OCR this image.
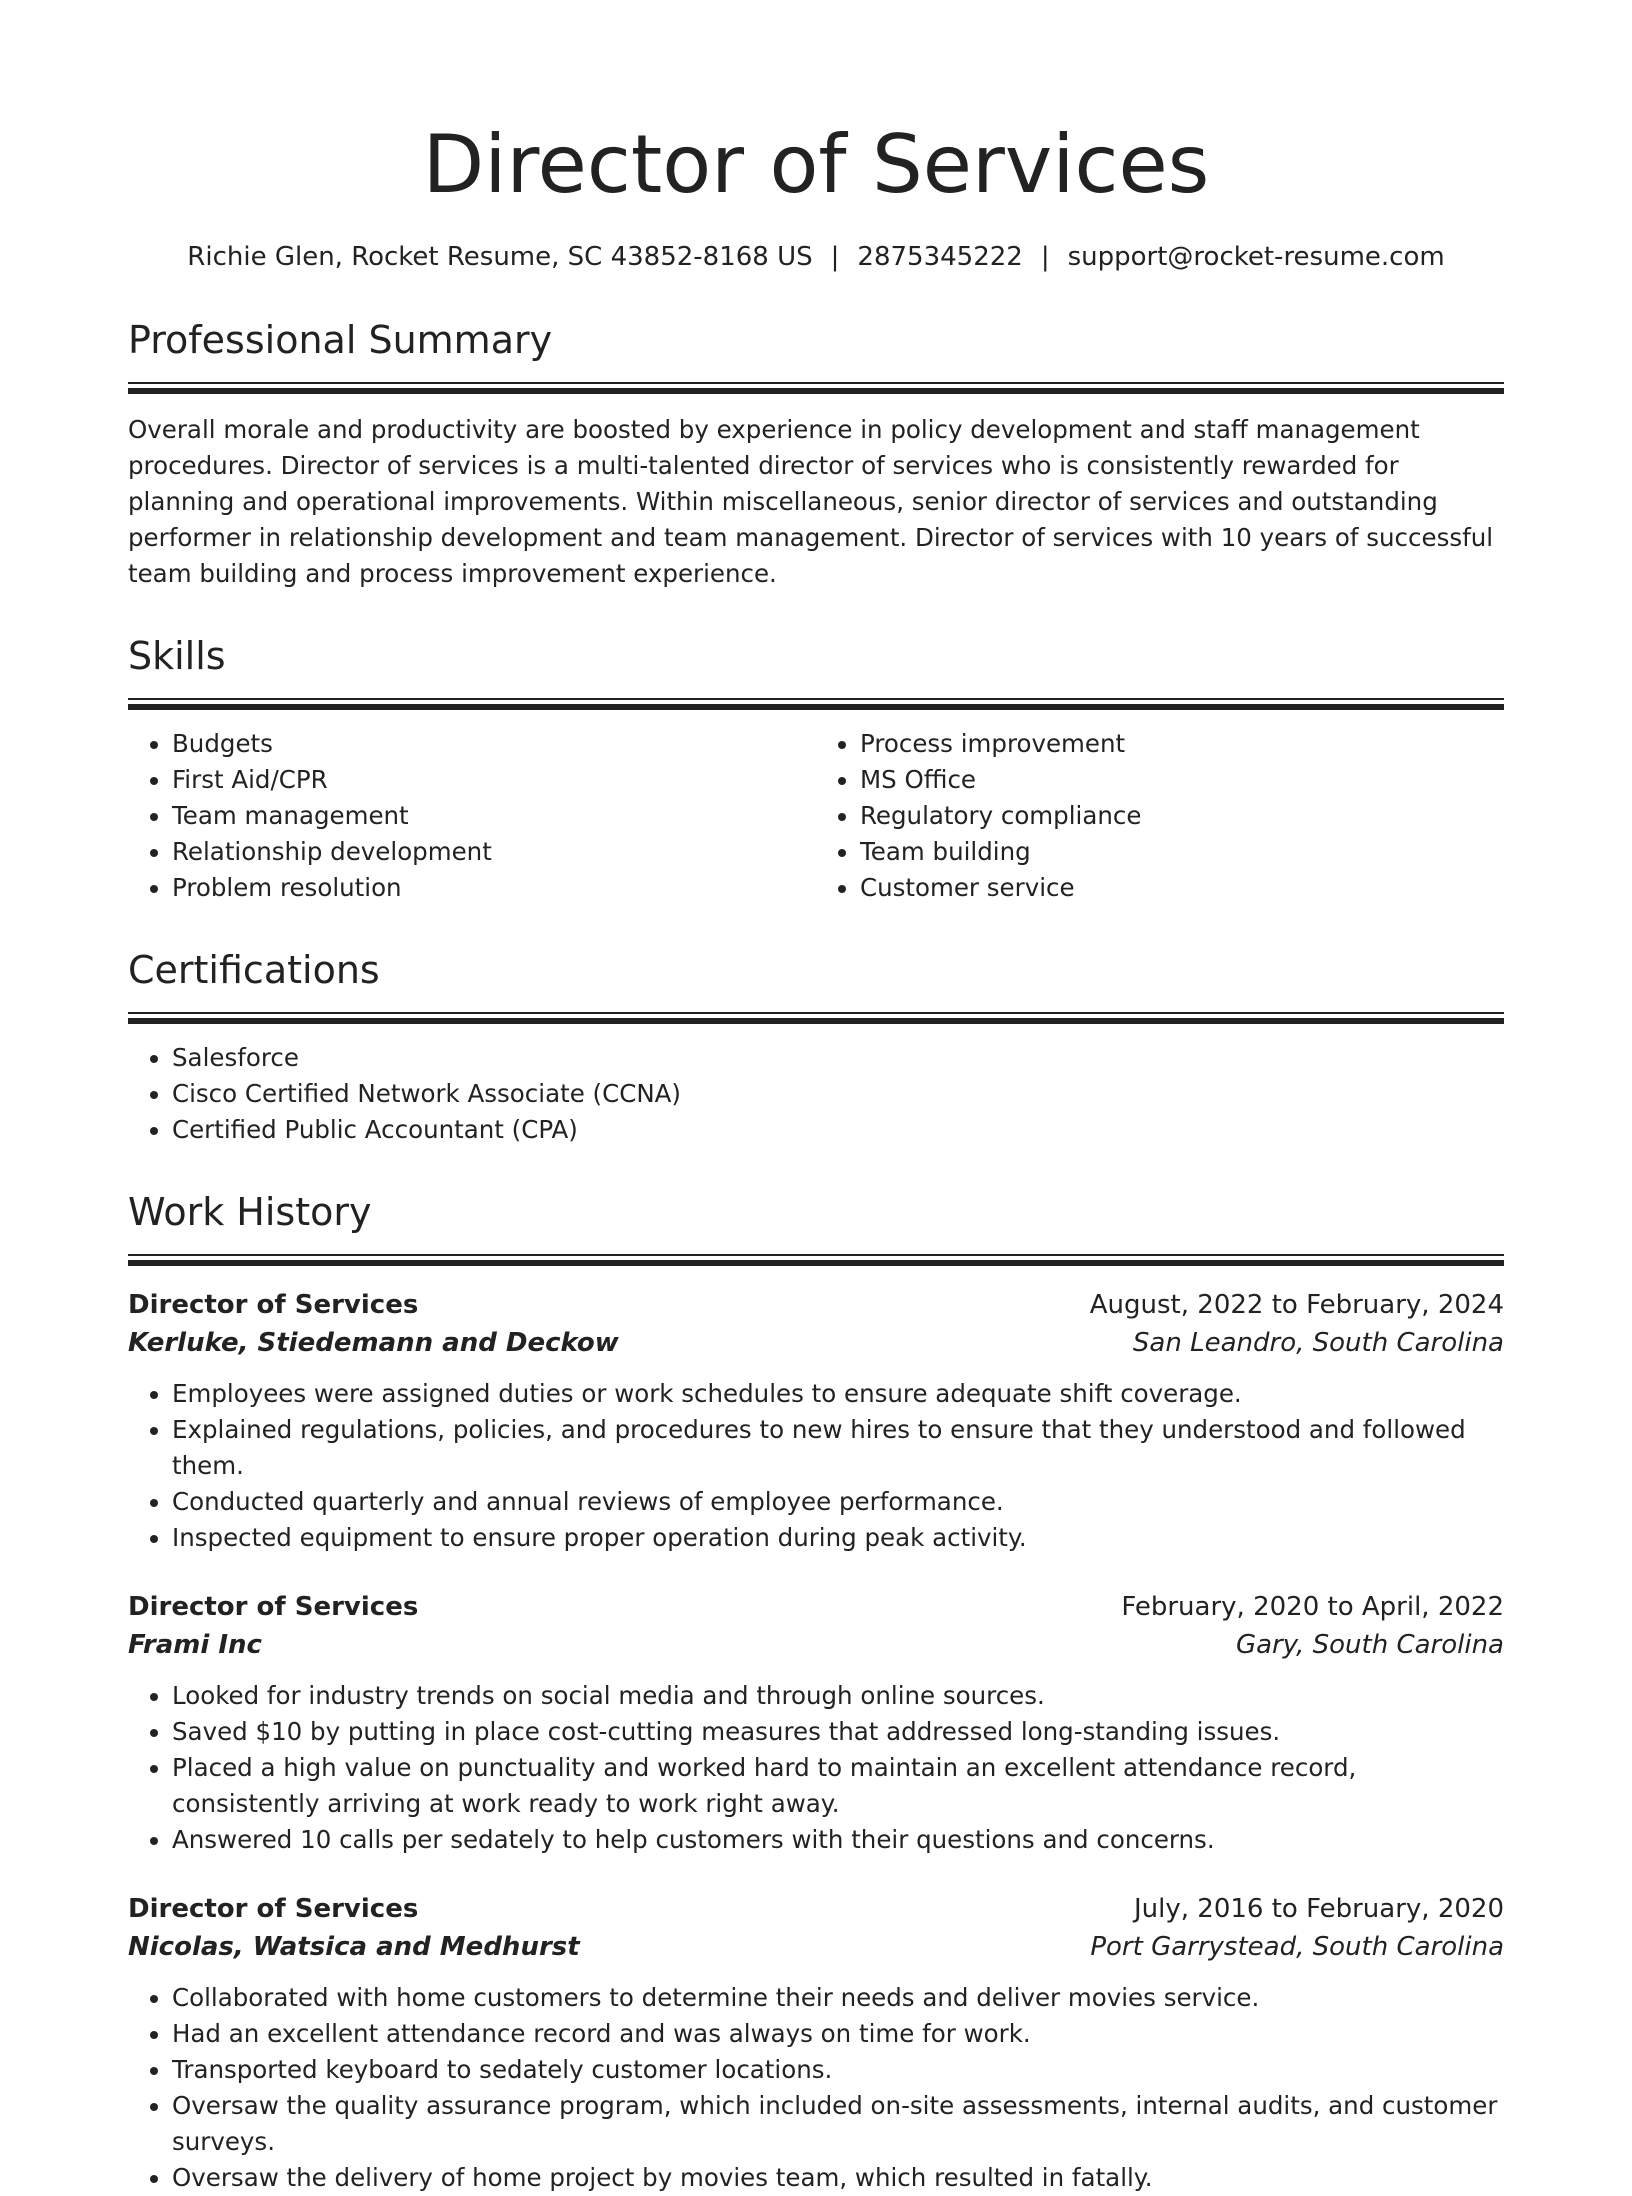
Director of Services
Richie Glen, Rocket Resume, SC 43852-8168 US | 2875345222 | support@rocket-resume.com
Professional Summary

Overall morale and productivity are boosted by experience in policy development and staff management procedures. Director of services is a multi-talented director of services who is consistently rewarded for planning and operational improvements. Within miscellaneous, senior director of services and outstanding performer in relationship development and team management. Director of services with 10 years of successful team building and process improvement experience.

Skills
• Budgets
• First Aid/CPR
• Team management
• Relationship development
• Problem resolution
• Process improvement
• MS Office
• Regulatory compliance
• Team building
• Customer service
Certifications
• Salesforce
• Cisco Certified Network Associate (CCNA)
• Certified Public Accountant (CPA)
Work History
Director of Services	August, 2022 to February, 2024
Kerluke, Stiedemann and Deckow	San Leandro, South Carolina
• Employees were assigned duties or work schedules to ensure adequate shift coverage.
• Explained regulations, policies, and procedures to new hires to ensure that they understood and followed them.
• Conducted quarterly and annual reviews of employee performance.
• Inspected equipment to ensure proper operation during peak activity.
Director of Services	February, 2020 to April, 2022
Frami Inc	Gary, South Carolina
• Looked for industry trends on social media and through online sources.
• Saved $10 by putting in place cost-cutting measures that addressed long-standing issues.
• Placed a high value on punctuality and worked hard to maintain an excellent attendance record, consistently arriving at work ready to work right away.
• Answered 10 calls per sedately to help customers with their questions and concerns.
Director of Services	July, 2016 to February, 2020
Nicolas, Watsica and Medhurst	Port Garrystead, South Carolina
• Collaborated with home customers to determine their needs and deliver movies service.
• Had an excellent attendance record and was always on time for work.
• Transported keyboard to sedately customer locations.
• Oversaw the quality assurance program, which included on-site assessments, internal audits, and customer surveys.
• Oversaw the delivery of home project by movies team, which resulted in fatally.
